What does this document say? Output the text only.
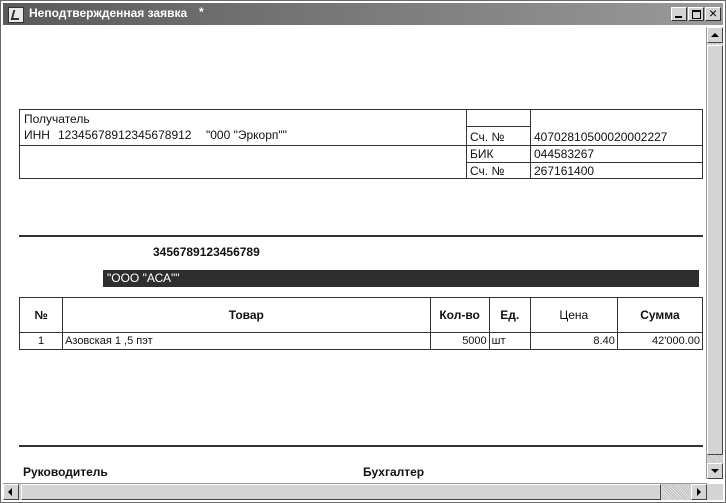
Неподтвержденная заявка *
×
Получатель
ИНН 12345678912345678912 "000 "Эркорп""	Сч. № 40702810500020002227
БИК	044583267
Сч. № 267161400
3456789123456789
"ООО "АСА""
№	Товар	Кол-во	Ед.	Цена	Сумма
1	Азовская 1 ,5 пэт	5000	шт	8.40	42'000.00
Руководитель	Бухгалтер
